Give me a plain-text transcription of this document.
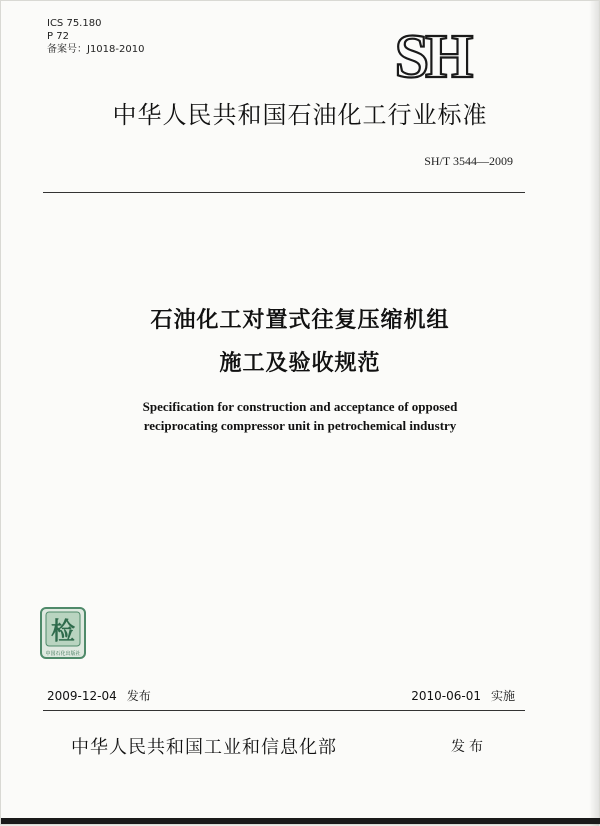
ICS 75.180
P 72
备案号：J1018-2010	SH
中华人民共和国石油化工行业标准
SH/T 3544—2009
石油化工对置式往复压缩机组
施工及验收规范
Specification for construction and acceptance of opposed
reciprocating compressor unit in petrochemical industry
检
中国石化出版社
2009-12-04 发布	2010-06-01 实施
中华人民共和国工业和信息化部	发布
